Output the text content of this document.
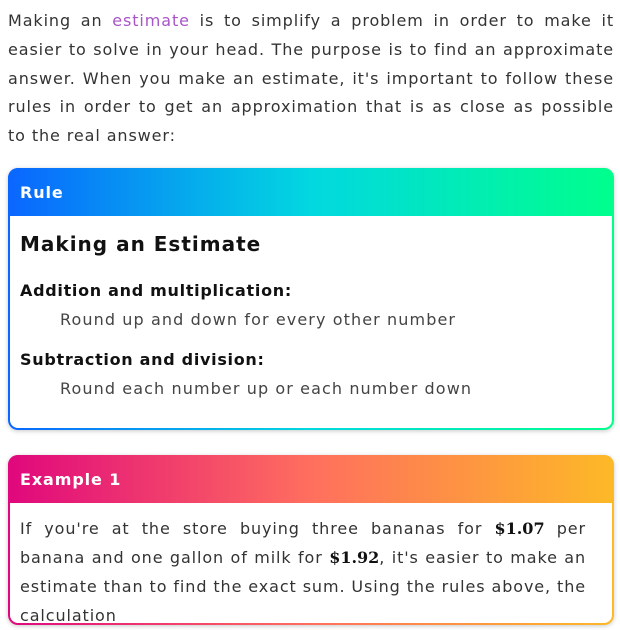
Making an estimate is to simplify a problem in order to make it easier to solve in your head. The purpose is to find an approximate answer. When you make an estimate, it's important to follow these rules in order to get an approximation that is as close as possible to the real answer:
Rule
Making an Estimate
Addition and multiplication:
Round up and down for every other number
Subtraction and division:
Round each number up or each number down
Example 1
If you're at the store buying three bananas for $1.07 per banana and one gallon of milk for $1.92, it's easier to make an estimate than to find the exact sum. Using the rules above, the calculation
